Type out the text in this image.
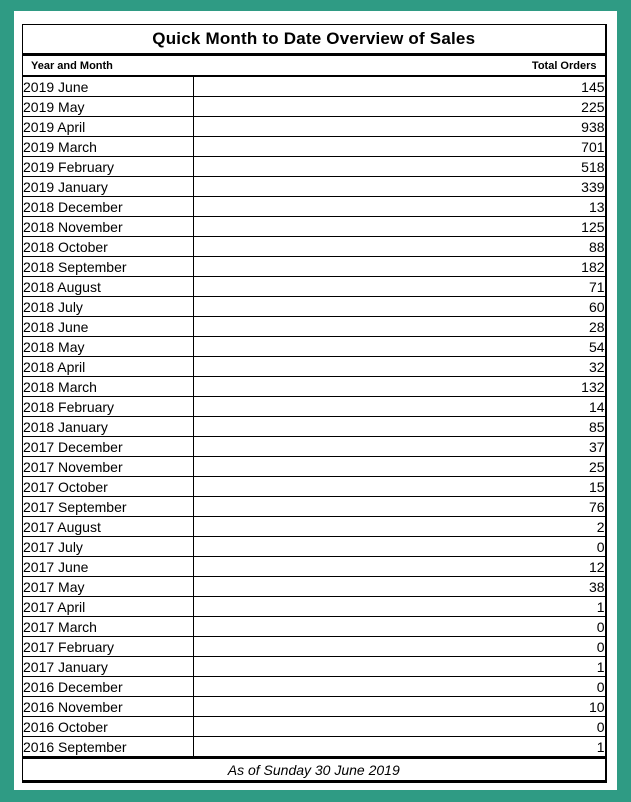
Quick Month to Date Overview of Sales	
Year and Month	Total Orders
2019 June	145
2019 May	225
2019 April	938
2019 March	701
2019 February	518
2019 January	339
2018 December	13
2018 November	125
2018 October	88
2018 September	182
2018 August	71
2018 July	60
2018 June	28
2018 May	54
2018 April	32
2018 March	132
2018 February	14
2018 January	85
2017 December	37
2017 November	25
2017 October	15
2017 September	76
2017 August	2
2017 July	0
2017 June	12
2017 May	38
2017 April	1
2017 March	0
2017 February	0
2017 January	1
2016 December	0
2016 November	10
2016 October	0
2016 September	1
As of Sunday 30 June 2019	
